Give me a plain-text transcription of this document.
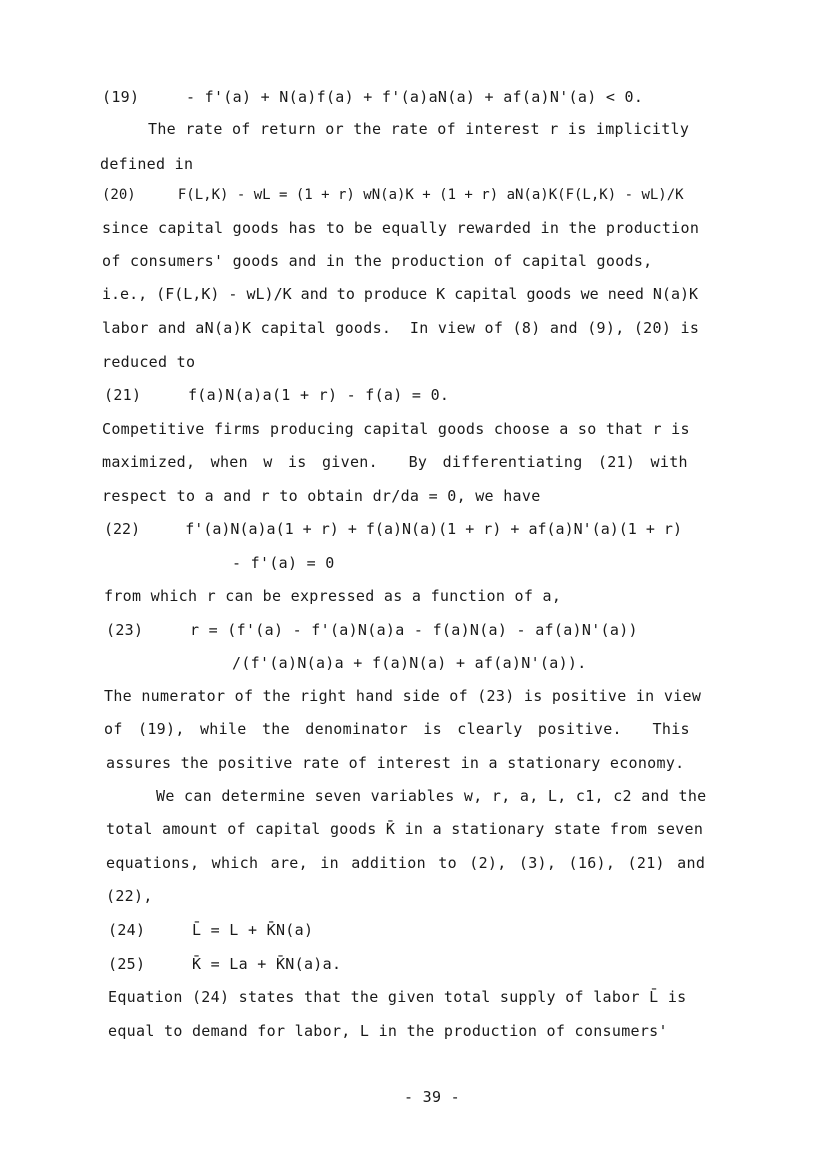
(19)     - f'(a) + N(a)f(a) + f'(a)aN(a) + af(a)N'(a) < 0.
The rate of return or the rate of interest r is implicitly
defined in
(20)     F(L,K) - wL = (1 + r) wN(a)K + (1 + r) aN(a)K(F(L,K) - wL)/K
since capital goods has to be equally rewarded in the production
of consumers' goods and in the production of capital goods,
i.e., (F(L,K) - wL)/K and to produce K capital goods we need N(a)K
labor and aN(a)K capital goods.  In view of (8) and (9), (20) is
reduced to
(21)     f(a)N(a)a(1 + r) - f(a) = 0.
Competitive firms producing capital goods choose a so that r is
maximized, when w is given.  By differentiating (21) with
respect to a and r to obtain dr/da = 0, we have
(22)     f'(a)N(a)a(1 + r) + f(a)N(a)(1 + r) + af(a)N'(a)(1 + r)
- f'(a) = 0
from which r can be expressed as a function of a,
(23)     r = (f'(a) - f'(a)N(a)a - f(a)N(a) - af(a)N'(a))
/(f'(a)N(a)a + f(a)N(a) + af(a)N'(a)).
The numerator of the right hand side of (23) is positive in view
of (19), while the denominator is clearly positive.  This
assures the positive rate of interest in a stationary economy.
We can determine seven variables w, r, a, L, c1, c2 and the
total amount of capital goods K̄ in a stationary state from seven
equations, which are, in addition to (2), (3), (16), (21) and
(22),
(24)     L̄ = L + K̄N(a)
(25)     K̄ = La + K̄N(a)a.
Equation (24) states that the given total supply of labor L̄ is
equal to demand for labor, L in the production of consumers'
- 39 -
